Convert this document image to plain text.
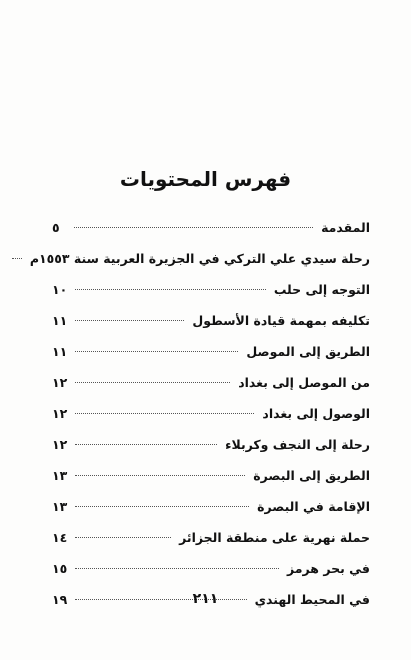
فهرس المحتويات
المقدمة
٥
رحلة سيدي علي التركي في الجزيرة العربية سنة ١٥٥٣م
التوجه إلى حلب
١٠
تكليفه بمهمة قيادة الأسطول
١١
الطريق إلى الموصل
١١
من الموصل إلى بغداد
١٢
الوصول إلى بغداد
١٢
رحلة إلى النجف وكربلاء
١٢
الطريق إلى البصرة
١٣
الإقامة في البصرة
١٣
حملة نهرية على منطقة الجزائر
١٤
في بحر هرمز
١٥
في المحيط الهندي
١٩	٢١١
